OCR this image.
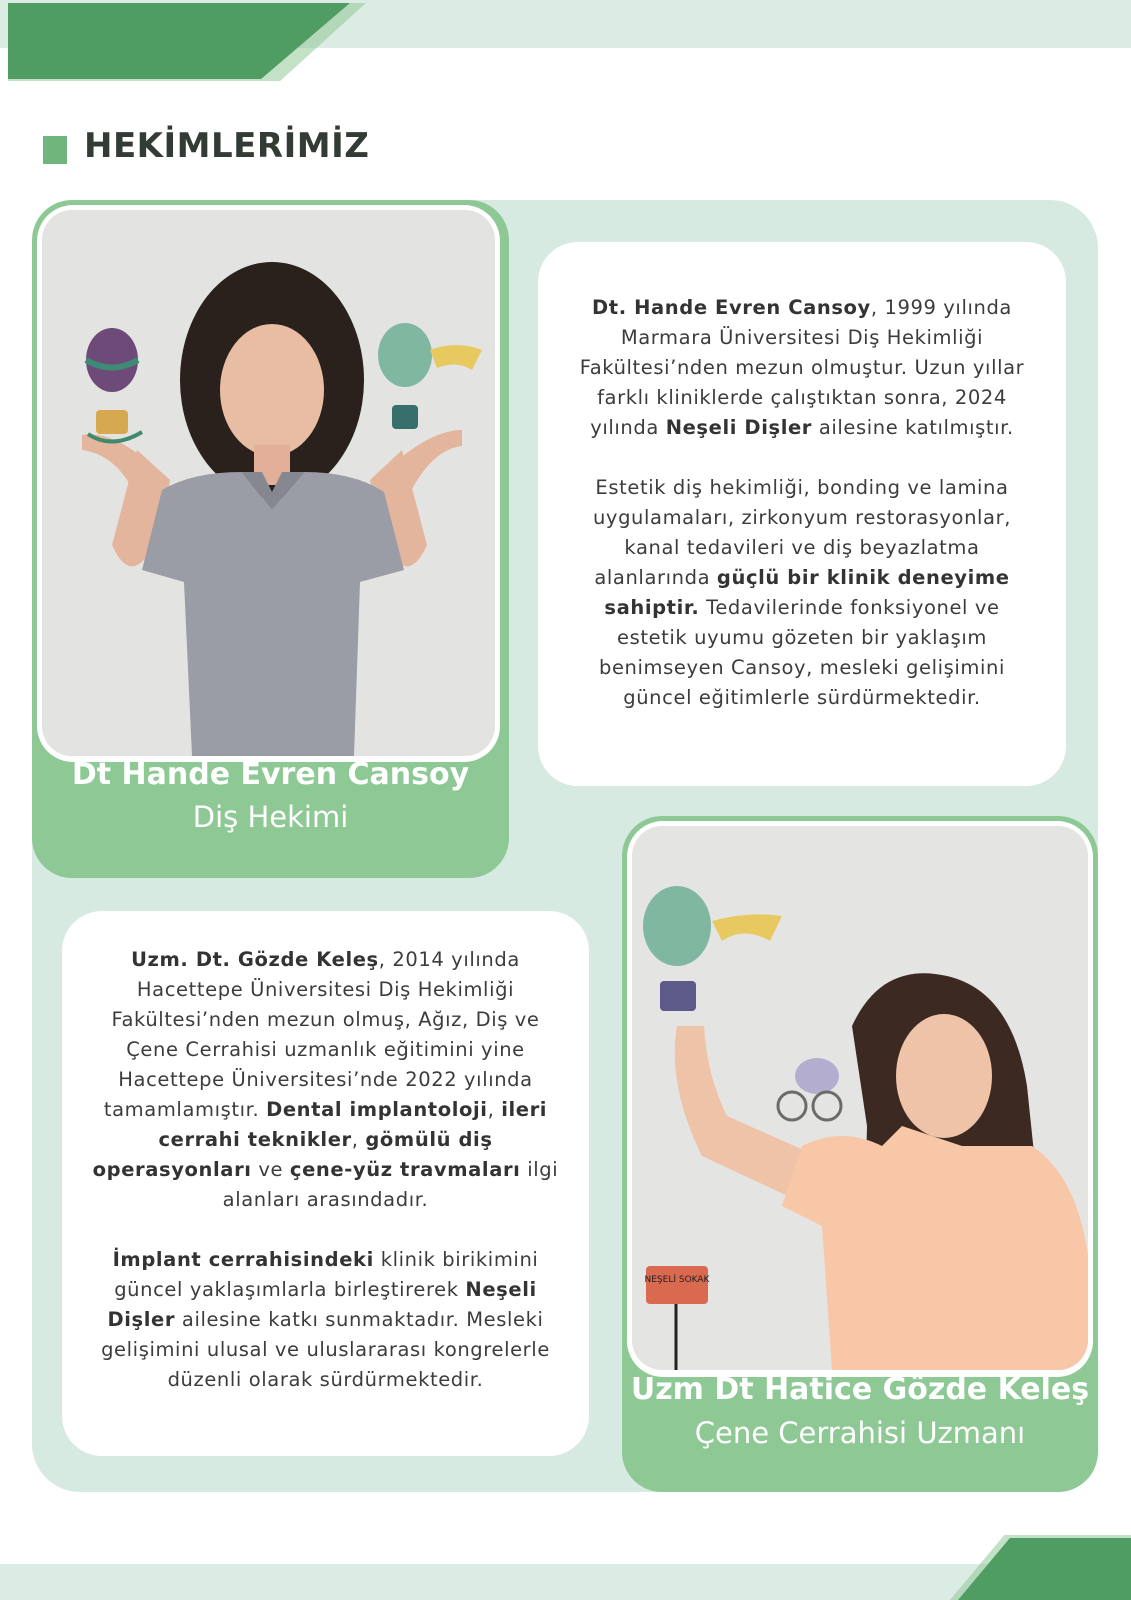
HEKİMLERİMİZ
Dt Hande Evren Cansoy
Diş Hekimi

Dt. Hande Evren Cansoy, 1999 yılında Marmara Üniversitesi Diş Hekimliği Fakültesi’nden mezun olmuştur. Uzun yıllar farklı kliniklerde çalıştıktan sonra, 2024 yılında Neşeli Dişler ailesine katılmıştır.

Estetik diş hekimliği, bonding ve lamina uygulamaları, zirkonyum restorasyonlar, kanal tedavileri ve diş beyazlatma alanlarında güçlü bir klinik deneyime sahiptir. Tedavilerinde fonksiyonel ve estetik uyumu gözeten bir yaklaşım benimseyen Cansoy, mesleki gelişimini güncel eğitimlerle sürdürmektedir.

Uzm. Dt. Gözde Keleş, 2014 yılında Hacettepe Üniversitesi Diş Hekimliği Fakültesi’nden mezun olmuş, Ağız, Diş ve Çene Cerrahisi uzmanlık eğitimini yine Hacettepe Üniversitesi’nde 2022 yılında tamamlamıştır. Dental implantoloji, ileri cerrahi teknikler, gömülü diş operasyonları ve çene-yüz travmaları ilgi alanları arasındadır.

İmplant cerrahisindeki klinik birikimini güncel yaklaşımlarla birleştirerek Neşeli Dişler ailesine katkı sunmaktadır. Mesleki gelişimini ulusal ve uluslararası kongrelerle düzenli olarak sürdürmektedir.

NEŞELİ SOKAK
Uzm Dt Hatice Gözde Keleş
Çene Cerrahisi Uzmanı
